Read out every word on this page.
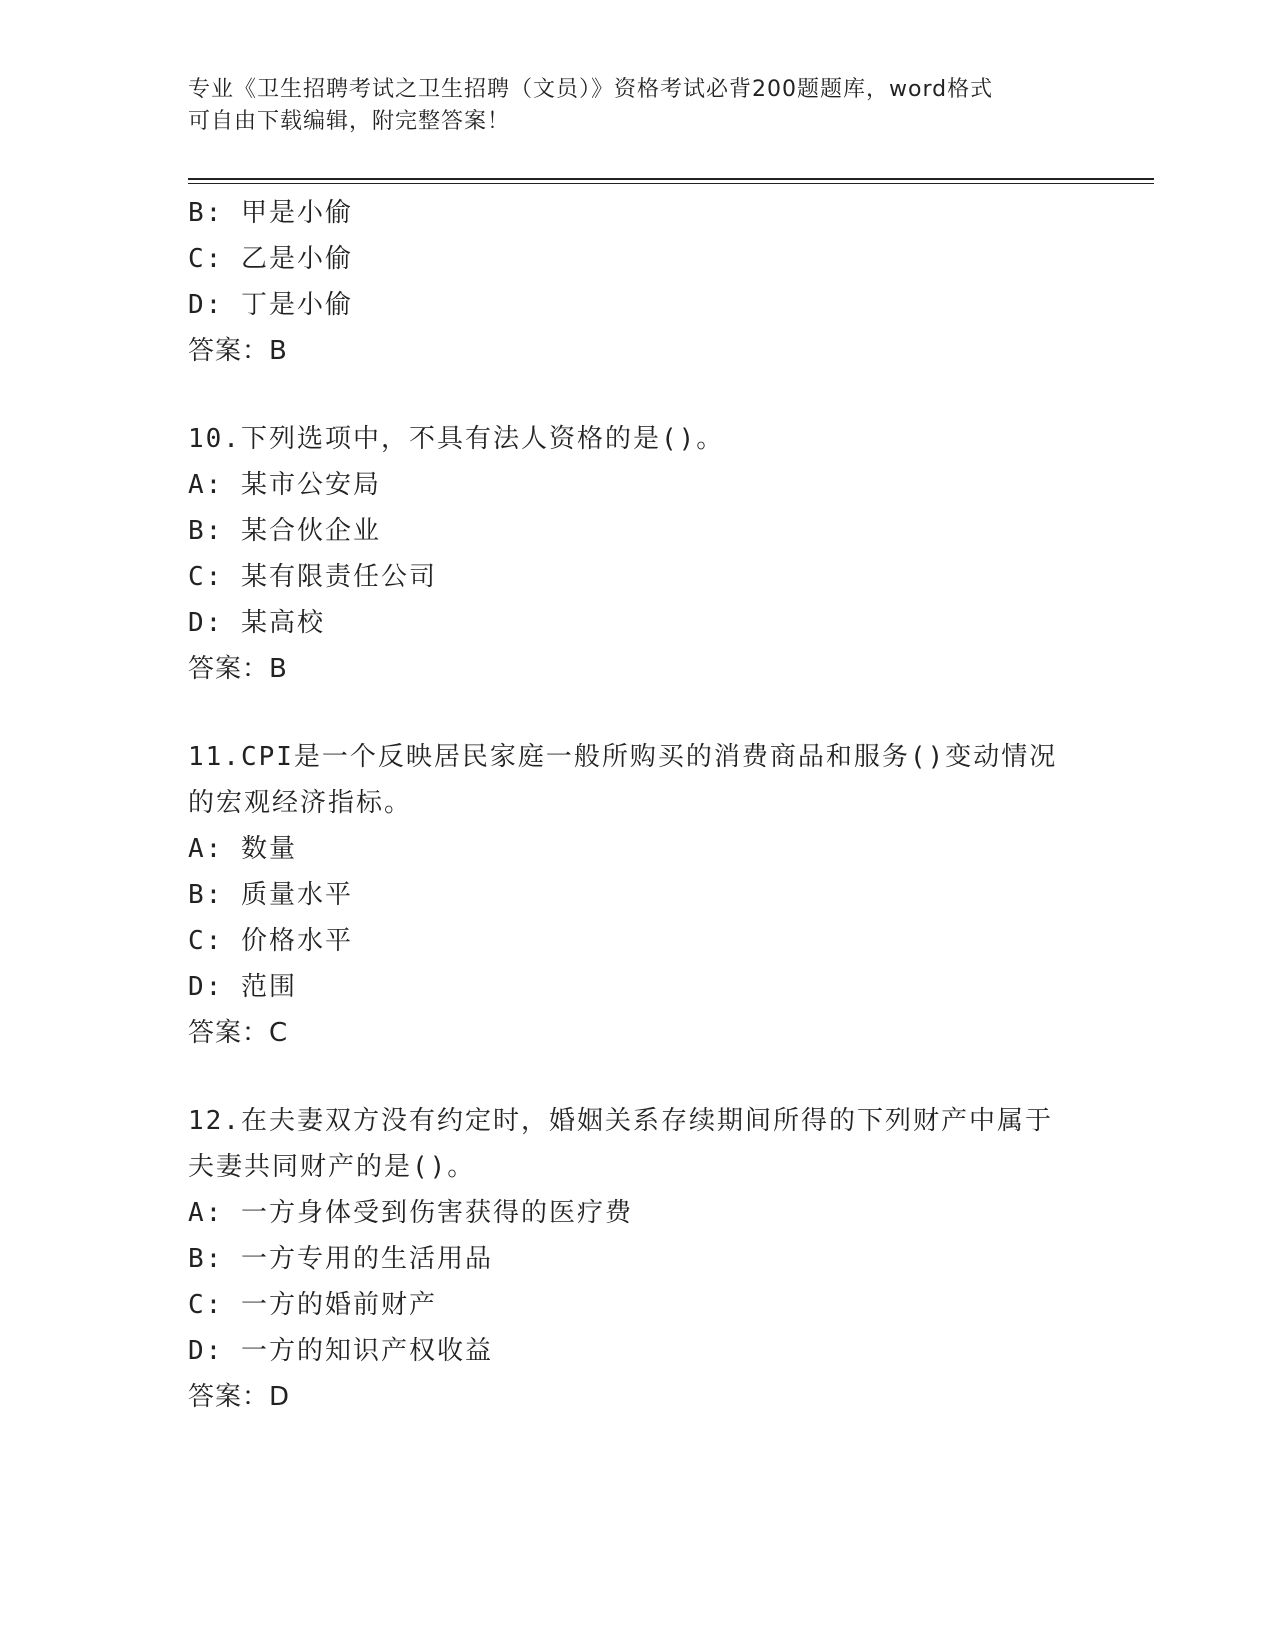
专业《卫生招聘考试之卫生招聘（文员）》资格考试必背200题题库，word格式
可自由下载编辑，附完整答案！
B: 甲是小偷
C: 乙是小偷
D: 丁是小偷
答案：B
10.下列选项中，不具有法人资格的是()。
A: 某市公安局
B: 某合伙企业
C: 某有限责任公司
D: 某高校
答案：B
11.CPI是一个反映居民家庭一般所购买的消费商品和服务()变动情况
的宏观经济指标。
A: 数量
B: 质量水平
C: 价格水平
D: 范围
答案：C
12.在夫妻双方没有约定时，婚姻关系存续期间所得的下列财产中属于
夫妻共同财产的是()。
A: 一方身体受到伤害获得的医疗费
B: 一方专用的生活用品
C: 一方的婚前财产
D: 一方的知识产权收益
答案：D
